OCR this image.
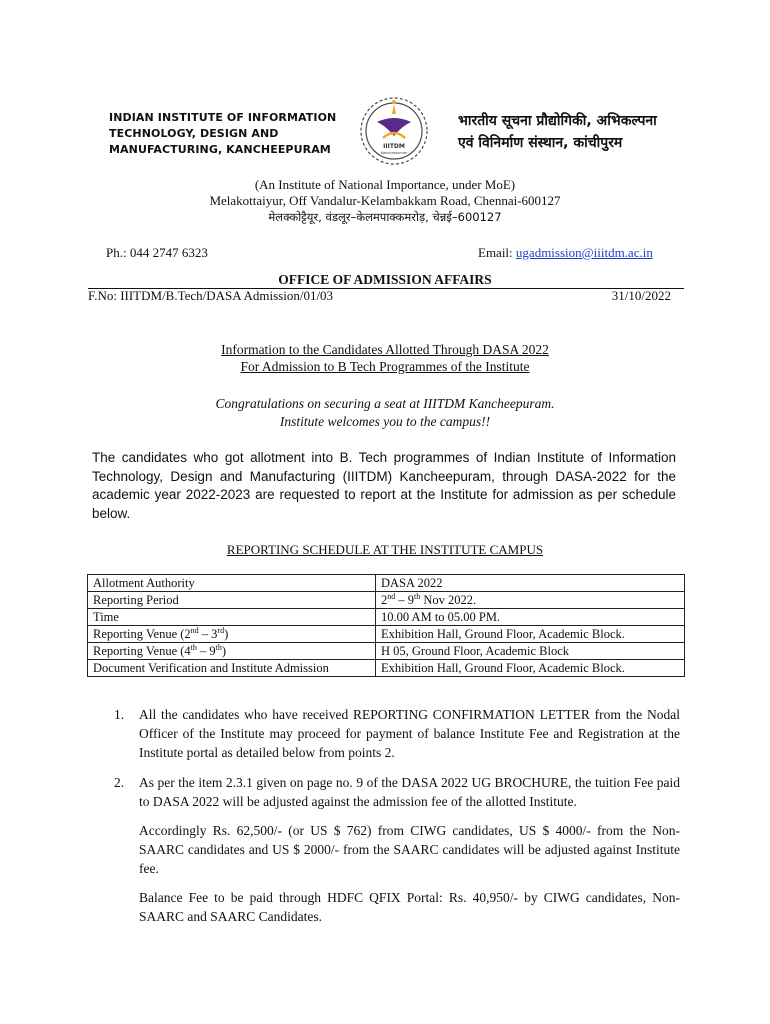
INDIAN INSTITUTE OF INFORMATION
TECHNOLOGY, DESIGN AND
MANUFACTURING, KANCHEEPURAM	IIITDM
Kancheepuram
भारतीय सूचना प्रौद्योगिकी, अभिकल्पना
एवं विनिर्माण संस्थान, कांचीपुरम
(An Institute of National Importance, under MoE)
Melakottaiyur, Off Vandalur-Kelambakkam Road, Chennai-600127
मेलक्कोट्टैयूर, वंडलूर–केलमपाक्कमरोड़, चेन्नई–600127
Ph.: 044 2747 6323	Email: ugadmission@iiitdm.ac.in
OFFICE OF ADMISSION AFFAIRS
F.No: IIITDM/B.Tech/DASA Admission/01/03	31/10/2022
Information to the Candidates Allotted Through DASA 2022
For Admission to B Tech Programmes of the Institute
Congratulations on securing a seat at IIITDM Kancheepuram.
Institute welcomes you to the campus!!
The candidates who got allotment into B. Tech programmes of Indian Institute of Information Technology, Design and Manufacturing (IIITDM) Kancheepuram, through DASA-2022 for the academic year 2022-2023 are requested to report at the Institute for admission as per schedule below.
REPORTING SCHEDULE AT THE INSTITUTE CAMPUS
Allotment Authority	DASA 2022
Reporting Period	2nd – 9th Nov 2022.
Time	10.00 AM to 05.00 PM.
Reporting Venue (2nd – 3rd)	Exhibition Hall, Ground Floor, Academic Block.
Reporting Venue (4th – 9th)	H 05, Ground Floor, Academic Block
Document Verification and Institute Admission	Exhibition Hall, Ground Floor, Academic Block.
1. All the candidates who have received REPORTING CONFIRMATION LETTER from the Nodal Officer of the Institute may proceed for payment of balance Institute Fee and Registration at the Institute portal as detailed below from points 2.

2. As per the item 2.3.1 given on page no. 9 of the DASA 2022 UG BROCHURE, the tuition Fee paid to DASA 2022 will be adjusted against the admission fee of the allotted Institute.

Accordingly Rs. 62,500/- (or US $ 762) from CIWG candidates, US $ 4000/- from the Non-SAARC candidates and US $ 2000/- from the SAARC candidates will be adjusted against Institute fee.

Balance Fee to be paid through HDFC QFIX Portal: Rs. 40,950/- by CIWG candidates, Non-SAARC and SAARC Candidates.
